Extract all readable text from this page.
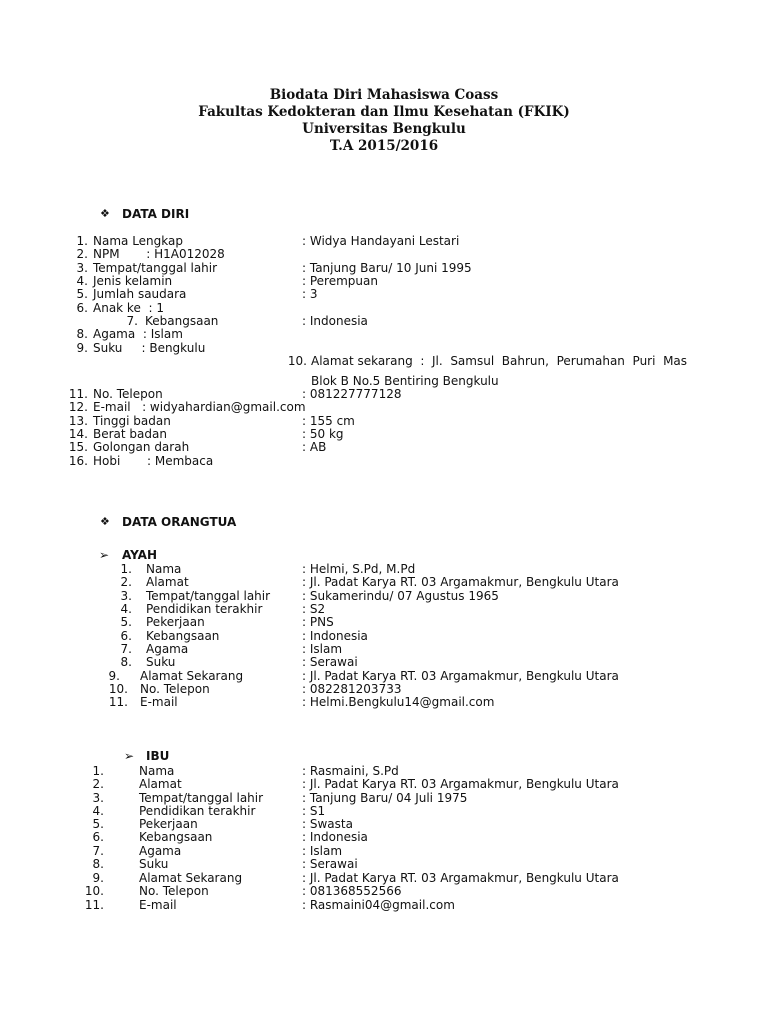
Biodata Diri Mahasiswa Coass
Fakultas Kedokteran dan Ilmu Kesehatan (FKIK)
Universitas Bengkulu
T.A 2015/2016
❖ DATA DIRI
1. Nama Lengkap	: Widya Handayani Lestari
2. NPM       : H1A012028
3. Tempat/tanggal lahir	: Tanjung Baru/ 10 Juni 1995
4. Jenis kelamin	: Perempuan
5. Jumlah saudara	: 3
6. Anak ke  : 1
7. Kebangsaan	: Indonesia
8. Agama  : Islam
9. Suku     : Bengkulu
10. Alamat sekarang  :  Jl.  Samsul  Bahrun,  Perumahan  Puri  Mas
Blok B No.5 Bentiring Bengkulu
11. No. Telepon	: 081227777128
12. E-mail   : widyahardian@gmail.com
13. Tinggi badan	: 155 cm
14. Berat badan	: 50 kg
15. Golongan darah	: AB
16. Hobi       : Membaca
❖ DATA ORANGTUA
➢ AYAH
1. Nama	: Helmi, S.Pd, M.Pd
2. Alamat	: Jl. Padat Karya RT. 03 Argamakmur, Bengkulu Utara
3. Tempat/tanggal lahir	: Sukamerindu/ 07 Agustus 1965
4. Pendidikan terakhir	: S2
5. Pekerjaan	: PNS
6. Kebangsaan	: Indonesia
7. Agama	: Islam
8. Suku	: Serawai
9. Alamat Sekarang	: Jl. Padat Karya RT. 03 Argamakmur, Bengkulu Utara
10. No. Telepon	: 082281203733
11. E-mail	: Helmi.Bengkulu14@gmail.com
➢ IBU
1.	Nama	: Rasmaini, S.Pd
2.	Alamat	: Jl. Padat Karya RT. 03 Argamakmur, Bengkulu Utara
3.	Tempat/tanggal lahir	: Tanjung Baru/ 04 Juli 1975
4.	Pendidikan terakhir	: S1
5.	Pekerjaan	: Swasta
6.	Kebangsaan	: Indonesia
7.	Agama	: Islam
8.	Suku	: Serawai
9.	Alamat Sekarang	: Jl. Padat Karya RT. 03 Argamakmur, Bengkulu Utara
10.	No. Telepon	: 081368552566
11.	E-mail	: Rasmaini04@gmail.com
